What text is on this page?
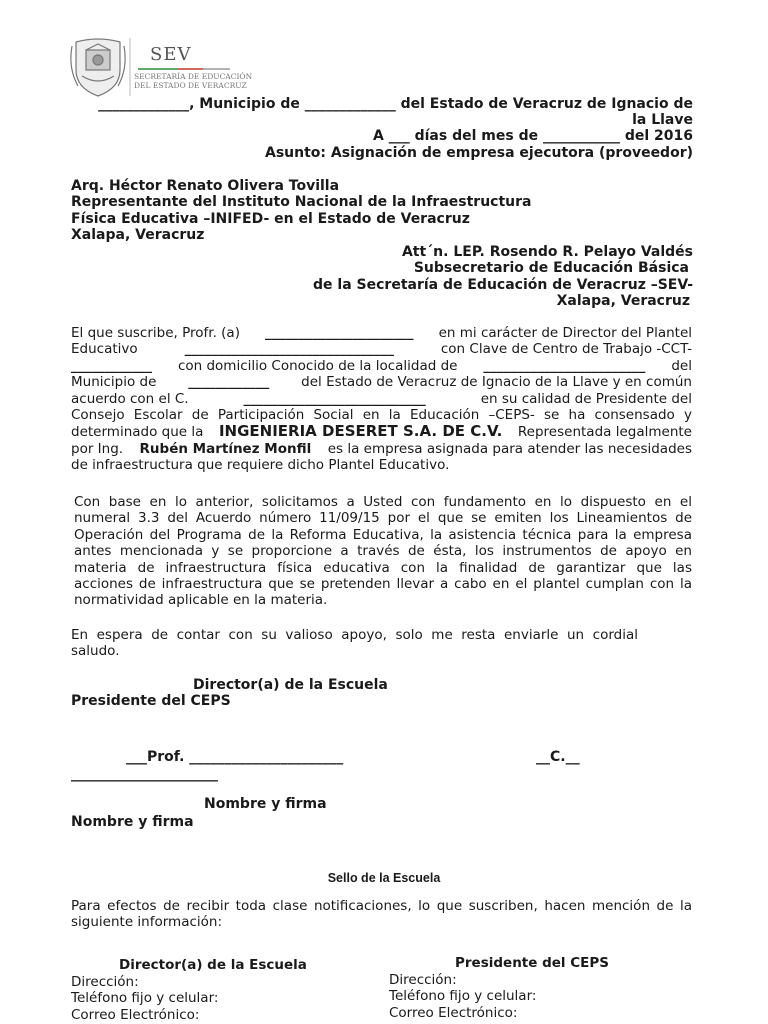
SEV
SECRETARÍA DE EDUCACIÓN
DEL ESTADO DE VERACRUZ
_____________, Municipio de _____________ del Estado de Veracruz de Ignacio de
la Llave
A ___ días del mes de ___________ del 2016
Asunto: Asignación de empresa ejecutora (proveedor)
Arq. Héctor Renato Olivera Tovilla
Representante del Instituto Nacional de la Infraestructura
Física Educativa –INIFED- en el Estado de Veracruz
Xalapa, Veracruz
Att´n. LEP. Rosendo R. Pelayo Valdés
Subsecretario de Educación Básica
de la Secretaría de Educación de Veracruz –SEV-
Xalapa, Veracruz
El que suscribe, Profr. (a) ______________________ en mi carácter de Director del Plantel
Educativo	_______________________________	con Clave de Centro de Trabajo -CCT-
____________ con domicilio Conocido de la localidad de ________________________ del
Municipio de ____________ del Estado de Veracruz de Ignacio de la Llave y en común
acuerdo con el C.	___________________________	en su calidad de Presidente del
Consejo Escolar de Participación Social en la Educación –CEPS- se ha consensado y
determinado que la INGENIERIA DESERET S.A. DE C.V. Representada legalmente
por Ing. Rubén Martínez Monfil es la empresa asignada para atender las necesidades
de infraestructura que requiere dicho Plantel Educativo.
Con base en lo anterior, solicitamos a Usted con fundamento en lo dispuesto en el
numeral 3.3 del Acuerdo número 11/09/15 por el que se emiten los Lineamientos de
Operación del Programa de la Reforma Educativa, la asistencia técnica para la empresa
antes mencionada y se proporcione a través de ésta, los instrumentos de apoyo en
materia de infraestructura física educativa con la finalidad de garantizar que las
acciones de infraestructura que se pretenden llevar a cabo en el plantel cumplan con la
normatividad aplicable en la materia.
En espera de contar con su valioso apoyo, solo me resta enviarle un cordial
saludo.
Director(a) de la Escuela
Presidente del CEPS
___Prof. ______________________	__C.__
_____________________
Nombre y firma
Nombre y firma
Sello de la Escuela
Para efectos de recibir toda clase notificaciones, lo que suscriben, hacen mención de la
siguiente información:
Director(a) de la Escuela
Dirección:
Teléfono fijo y celular:
Correo Electrónico:
Presidente del CEPS
Dirección:
Teléfono fijo y celular:
Correo Electrónico:
